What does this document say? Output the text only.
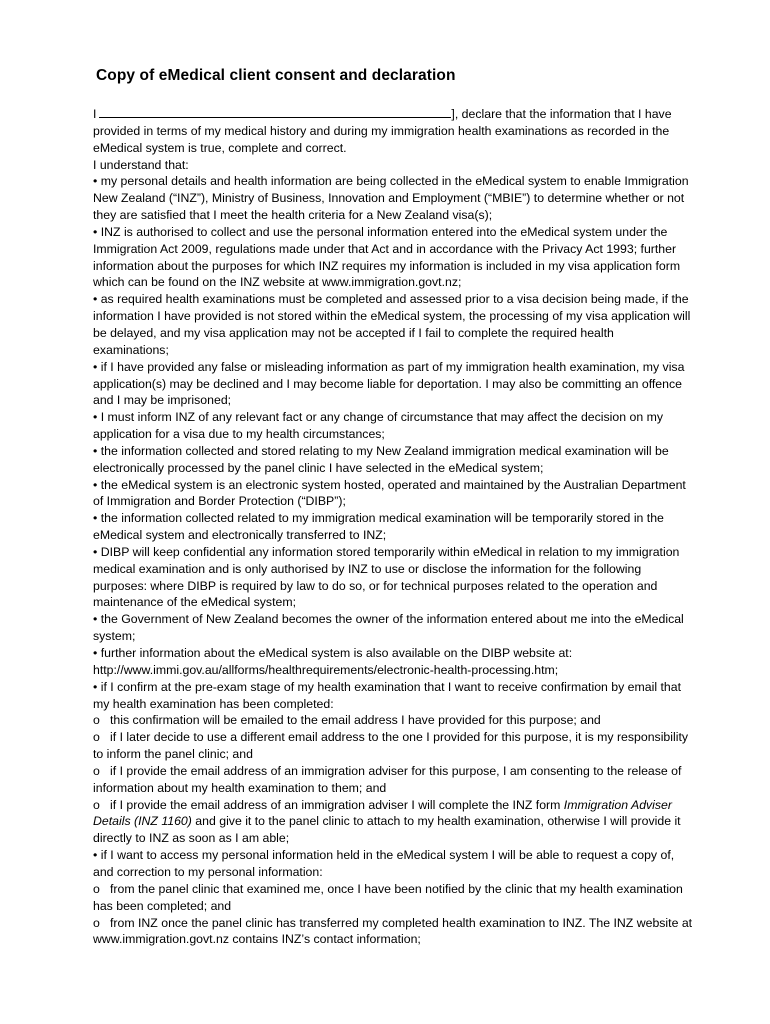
Copy of eMedical client consent and declaration

I	], declare that the information that I have provided in terms of my medical history and during my immigration health examinations as recorded in the eMedical system is true, complete and correct.

I understand that:

• my personal details and health information are being collected in the eMedical system to enable Immigration New Zealand (“INZ”), Ministry of Business, Innovation and Employment (“MBIE”) to determine whether or not they are satisfied that I meet the health criteria for a New Zealand visa(s);

• INZ is authorised to collect and use the personal information entered into the eMedical system under the Immigration Act 2009, regulations made under that Act and in accordance with the Privacy Act 1993; further information about the purposes for which INZ requires my information is included in my visa application form which can be found on the INZ website at www.immigration.govt.nz;

• as required health examinations must be completed and assessed prior to a visa decision being made, if the information I have provided is not stored within the eMedical system, the processing of my visa application will be delayed, and my visa application may not be accepted if I fail to complete the required health examinations;

• if I have provided any false or misleading information as part of my immigration health examination, my visa application(s) may be declined and I may become liable for deportation. I may also be committing an offence and I may be imprisoned;

• I must inform INZ of any relevant fact or any change of circumstance that may affect the decision on my application for a visa due to my health circumstances;

• the information collected and stored relating to my New Zealand immigration medical examination will be electronically processed by the panel clinic I have selected in the eMedical system;

• the eMedical system is an electronic system hosted, operated and maintained by the Australian Department of Immigration and Border Protection (“DIBP”);

• the information collected related to my immigration medical examination will be temporarily stored in the eMedical system and electronically transferred to INZ;

• DIBP will keep confidential any information stored temporarily within eMedical in relation to my immigration medical examination and is only authorised by INZ to use or disclose the information for the following purposes: where DIBP is required by law to do so, or for technical purposes related to the operation and maintenance of the eMedical system;

• the Government of New Zealand becomes the owner of the information entered about me into the eMedical system;

• further information about the eMedical system is also available on the DIBP website at: http://www.immi.gov.au/allforms/healthrequirements/electronic-health-processing.htm;

• if I confirm at the pre-exam stage of my health examination that I want to receive confirmation by email that my health examination has been completed:

o this confirmation will be emailed to the email address I have provided for this purpose; and

o if I later decide to use a different email address to the one I provided for this purpose, it is my responsibility to inform the panel clinic; and

o if I provide the email address of an immigration adviser for this purpose, I am consenting to the release of information about my health examination to them; and

o if I provide the email address of an immigration adviser I will complete the INZ form Immigration Adviser Details (INZ 1160) and give it to the panel clinic to attach to my health examination, otherwise I will provide it directly to INZ as soon as I am able;

• if I want to access my personal information held in the eMedical system I will be able to request a copy of, and correction to my personal information:

o from the panel clinic that examined me, once I have been notified by the clinic that my health examination has been completed; and

o from INZ once the panel clinic has transferred my completed health examination to INZ. The INZ website at www.immigration.govt.nz contains INZ’s contact information;
